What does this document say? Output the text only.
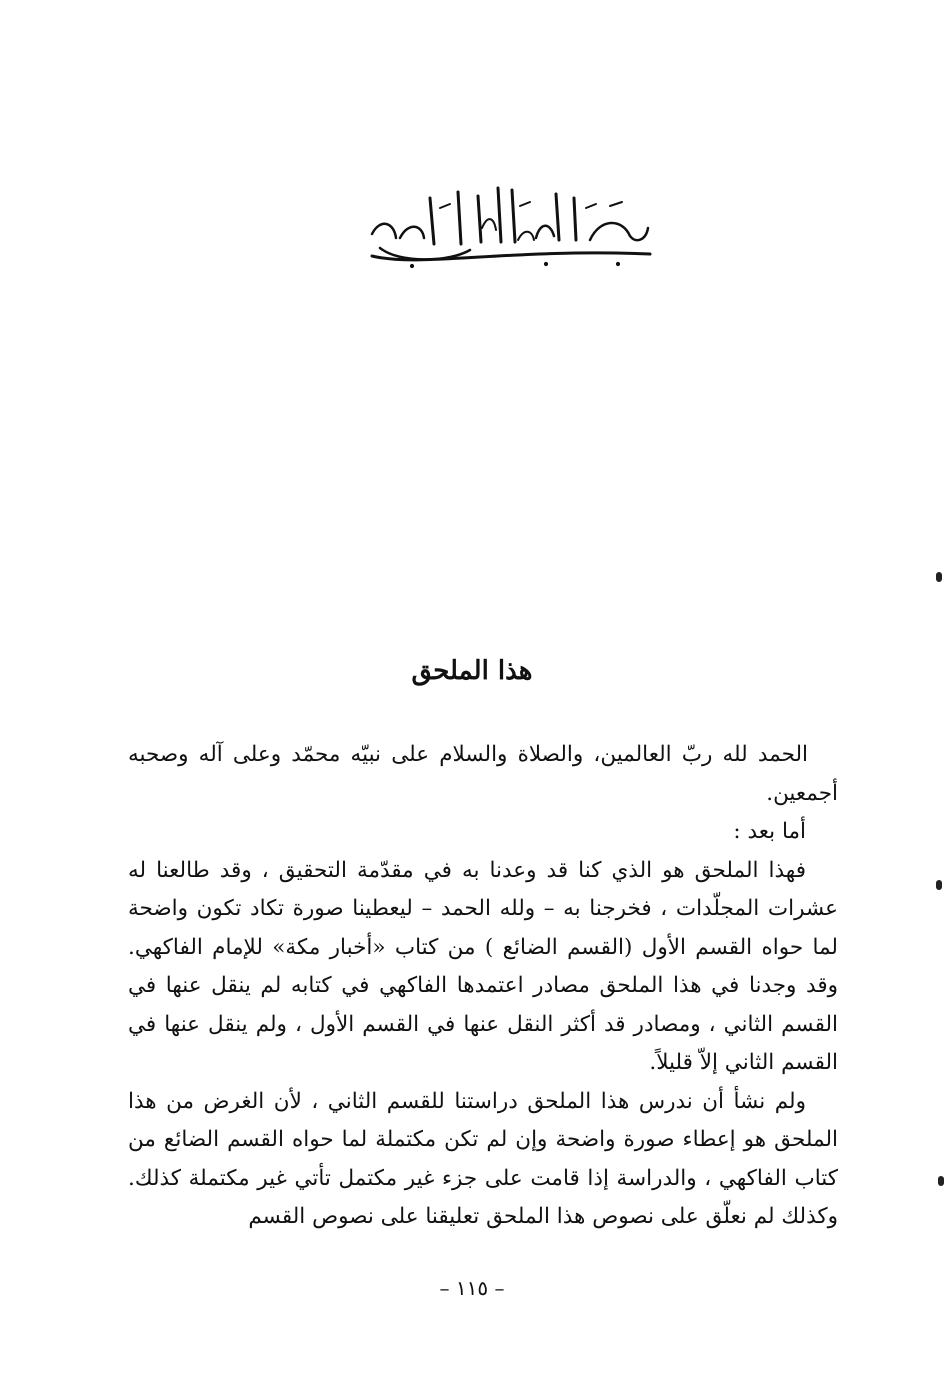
هذا الملحق

الحمد لله ربّ العالمين، والصلاة والسلام على نبيّه محمّد وعلى آله وصحبه أجمعين.

أما بعد :

فهذا الملحق هو الذي كنا قد وعدنا به في مقدّمة التحقيق ، وقد طالعنا له عشرات المجلّدات ، فخرجنا به – ولله الحمد – ليعطينا صورة تكاد تكون واضحة لما حواه القسم الأول (القسم الضائع ) من كتاب «أخبار مكة» للإمام الفاكهي. وقد وجدنا في هذا الملحق مصادر اعتمدها الفاكهي في كتابه لم ينقل عنها في القسم الثاني ، ومصادر قد أكثر النقل عنها في القسم الأول ، ولم ينقل عنها في القسم الثاني إلاّ قليلاً.

ولم نشأ أن ندرس هذا الملحق دراستنا للقسم الثاني ، لأن الغرض من هذا الملحق هو إعطاء صورة واضحة وإن لم تكن مكتملة لما حواه القسم الضائع من كتاب الفاكهي ، والدراسة إذا قامت على جزء غير مكتمل تأتي غير مكتملة كذلك. وكذلك لم نعلّق على نصوص هذا الملحق تعليقنا على نصوص القسم

– ١١٥ –
